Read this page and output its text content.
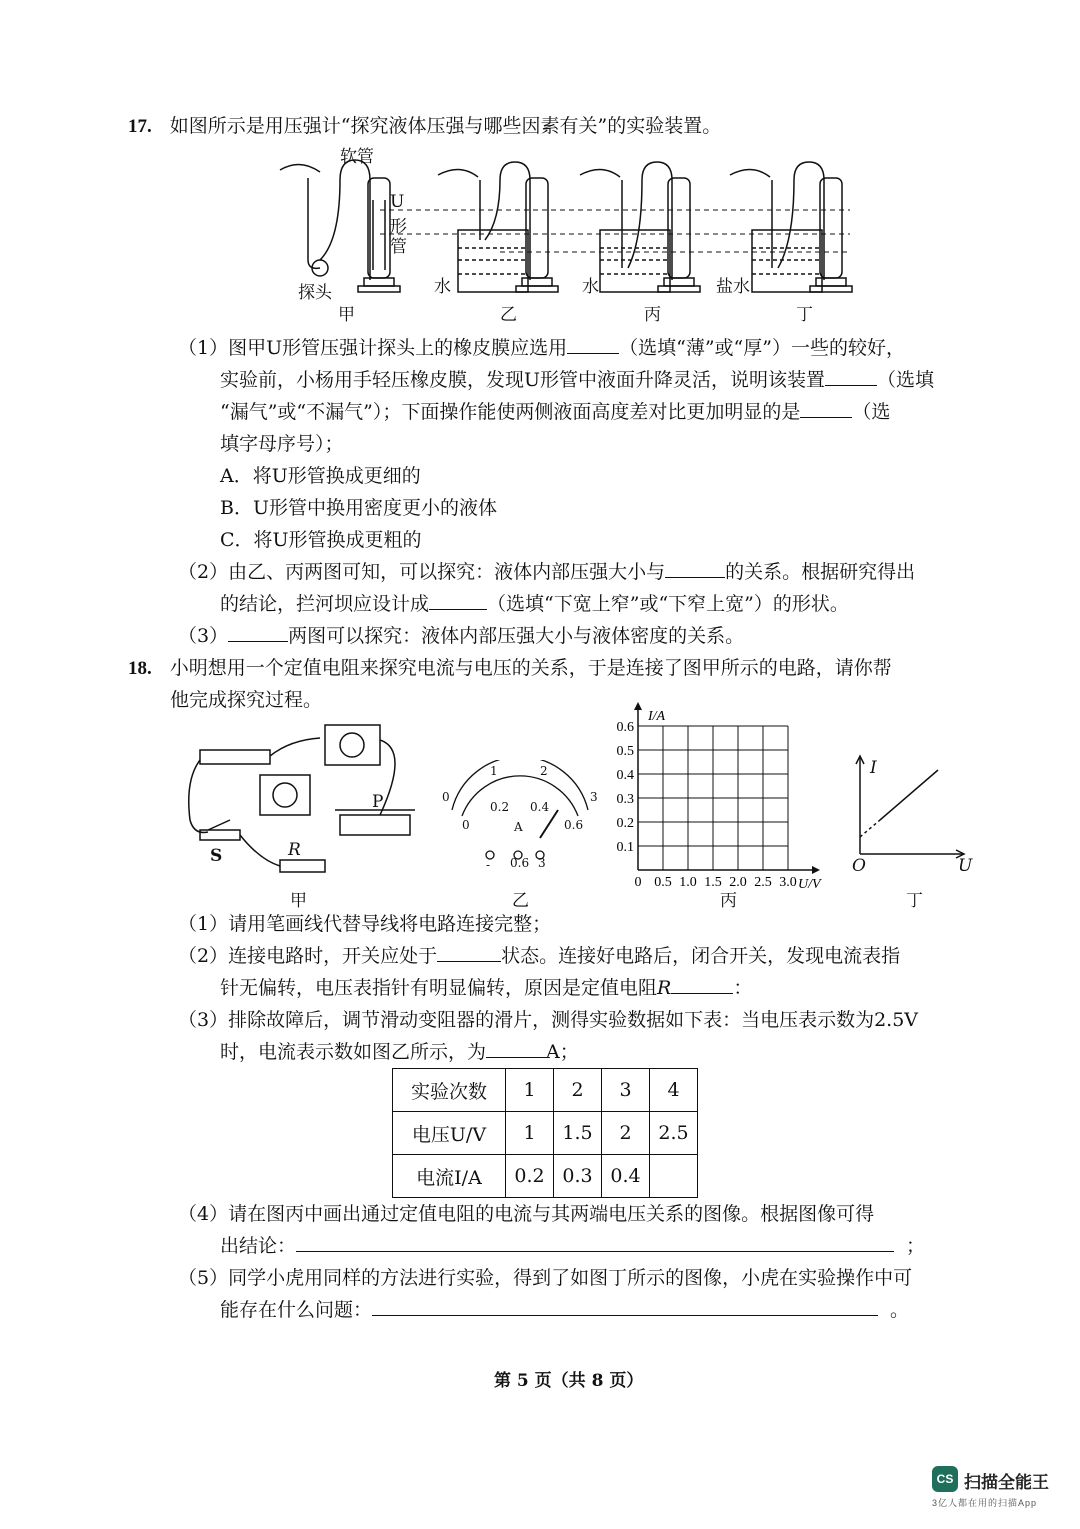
17. 如图所示是用压强计“探究液体压强与哪些因素有关”的实验装置。
软管
U
形
管
探头	水	水	盐水
甲	乙	丙	丁
（1）图甲U形管压强计探头上的橡皮膜应选用	（选填“薄”或“厚”）一些的较好，
实验前，小杨用手轻压橡皮膜，发现U形管中液面升降灵活，说明该装置	（选填
“漏气”或“不漏气”）；下面操作能使两侧液面高度差对比更加明显的是	（选
填字母序号）；
A．将U形管换成更细的
B．U形管中换用密度更小的液体
C．将U形管换成更粗的
（2）由乙、丙两图可知，可以探究：液体内部压强大小与	的关系。根据研究得出
的结论，拦河坝应设计成	（选填“下宽上窄”或“下窄上宽”）的形状。
（3）	两图可以探究：液体内部压强大小与液体密度的关系。
18. 小明想用一个定值电阻来探究电流与电压的关系，于是连接了图甲所示的电路，请你帮
他完成探究过程。
S	R
P
甲
0
1	2
3
0
0.2 0.4
0.6
A
- 0.6 3
乙
0 0.5 1.0 1.5 2.0 2.5 3.0
0.1
0.2
0.3
0.4
0.5
0.6
U/V
I/A
丙
I
U
O
丁
（1）请用笔画线代替导线将电路连接完整；
（2）连接电路时，开关应处于	状态。连接好电路后，闭合开关，发现电流表指
针无偏转，电压表指针有明显偏转，原因是定值电阻R	：
（3）排除故障后，调节滑动变阻器的滑片，测得实验数据如下表：当电压表示数为2.5V
时，电流表示数如图乙所示，为	A；
实验次数	1	2	3	4
电压U/V	1	1.5	2	2.5
电流I/A	0.2	0.3	0.4	
（4）请在图丙中画出通过定值电阻的电流与其两端电压关系的图像。根据图像可得
出结论：	；
（5）同学小虎用同样的方法进行实验，得到了如图丁所示的图像，小虎在实验操作中可
能存在什么问题：	。
第 5 页（共 8 页）
CS 扫描全能王
3亿人都在用的扫描App
